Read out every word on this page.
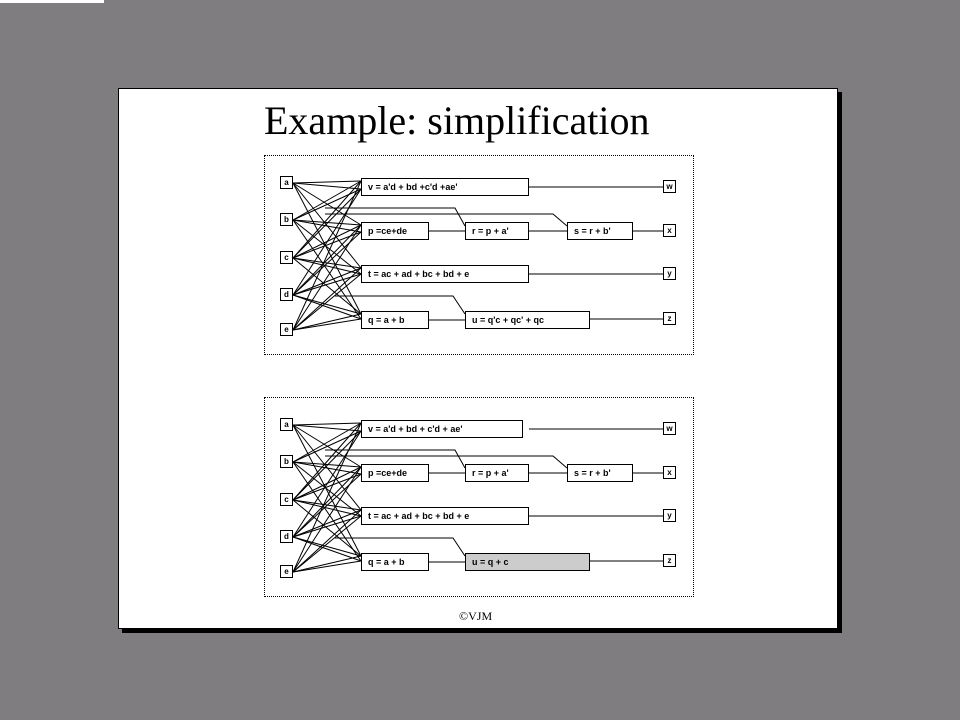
Example: simplification
a
b
c
d
e
v = a'd + bd +c'd +ae'
p =ce+de	r = p + a'	s = r + b'
t = ac + ad + bc + bd + e
q = a + b	u = q'c + qc' + qc
w
x
y
z
a
b
c
d
e
v = a'd + bd + c'd + ae'
p =ce+de	r = p + a'	s = r + b'
t = ac + ad + bc + bd + e
q = a + b	u = q + c
w
x
y
z
©VJM
